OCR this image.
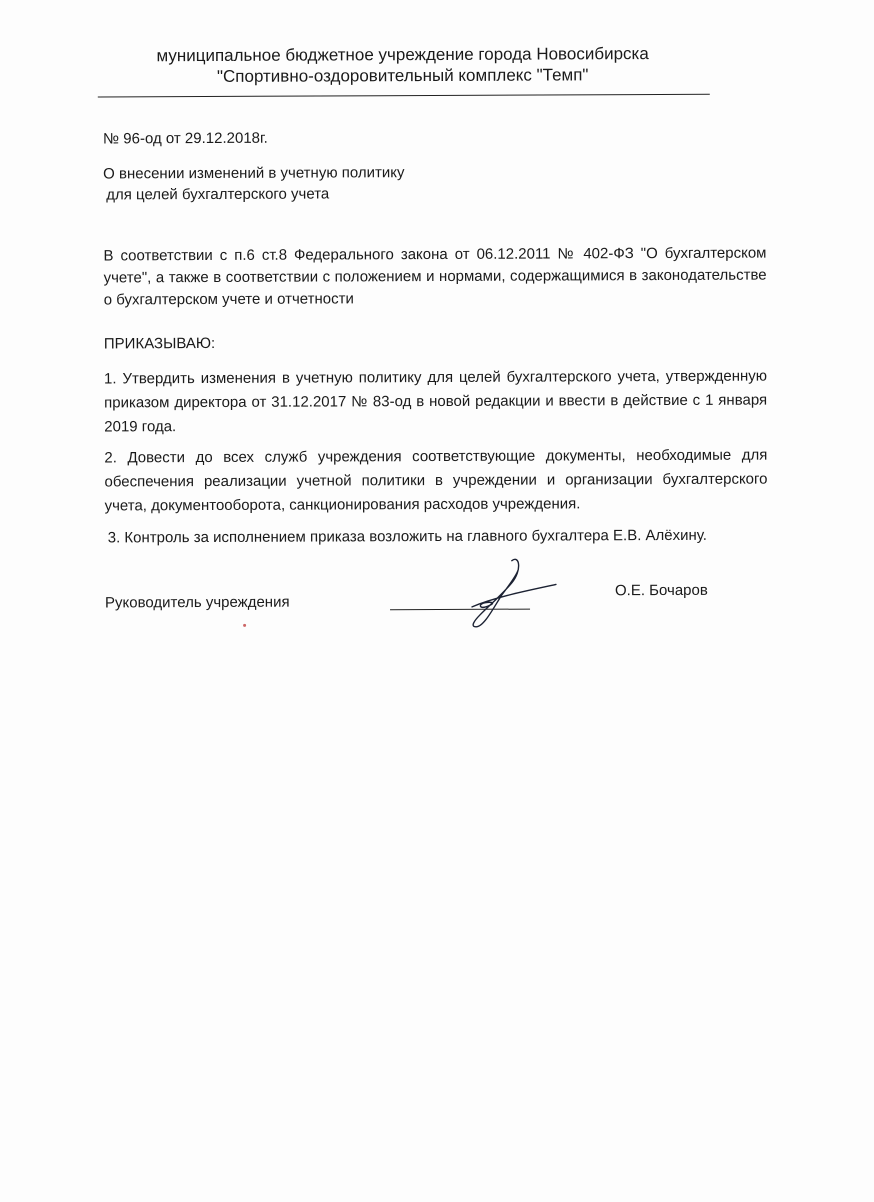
муниципальное бюджетное учреждение города Новосибирска
"Спортивно-оздоровительный комплекс "Темп"
№ 96-од от 29.12.2018г.
О внесении изменений в учетную политику
для целей бухгалтерского учета
В соответствии с п.6 ст.8 Федерального закона от 06.12.2011 № 402-ФЗ "О бухгалтерском учете", а также в соответствии с положением и нормами, содержащимися в законодательстве о бухгалтерском учете и отчетности
ПРИКАЗЫВАЮ:
1. Утвердить изменения в учетную политику для целей бухгалтерского учета, утвержденную приказом директора от 31.12.2017 № 83-од в новой редакции и ввести в действие с 1 января 2019 года.
2. Довести до всех служб учреждения соответствующие документы, необходимые для обеспечения реализации учетной политики в учреждении и организации бухгалтерского учета, документооборота, санкционирования расходов учреждения.
3. Контроль за исполнением приказа возложить на главного бухгалтера Е.В. Алёхину.
Руководитель учреждения
О.Е. Бочаров
